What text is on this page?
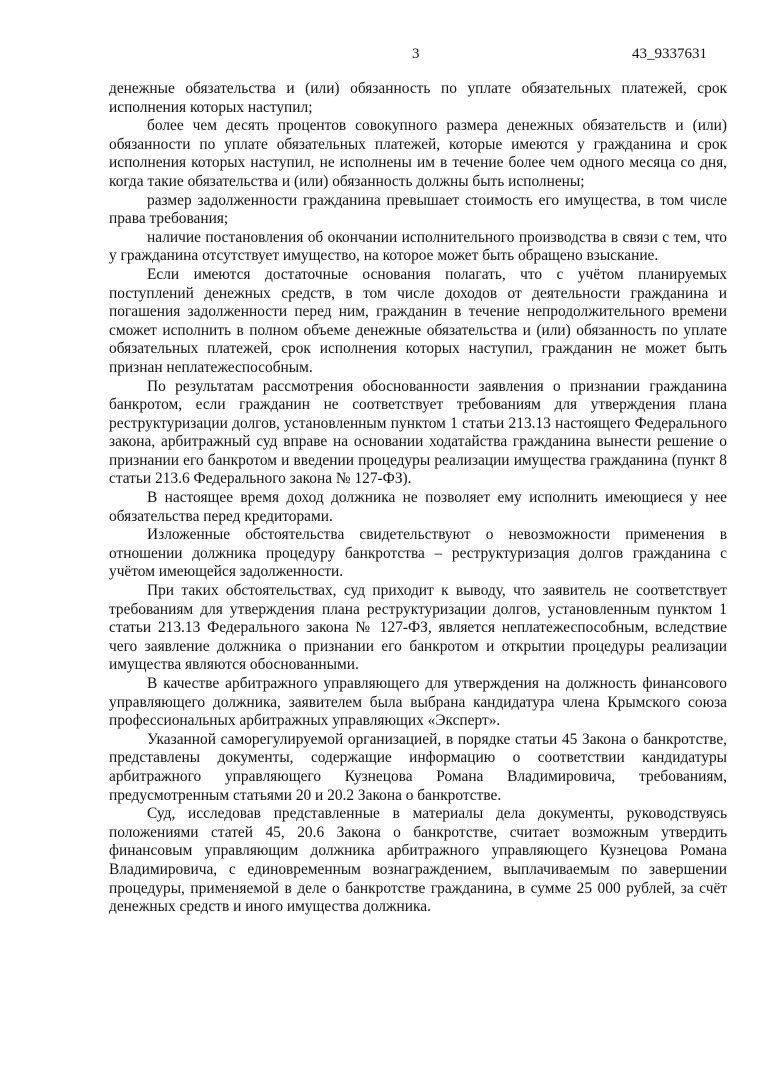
3	43_9337631

денежные обязательства и (или) обязанность по уплате обязательных платежей, срок исполнения которых наступил;

более чем десять процентов совокупного размера денежных обязательств и (или) обязанности по уплате обязательных платежей, которые имеются у гражданина и срок исполнения которых наступил, не исполнены им в течение более чем одного месяца со дня, когда такие обязательства и (или) обязанность должны быть исполнены;

размер задолженности гражданина превышает стоимость его имущества, в том числе права требования;

наличие постановления об окончании исполнительного производства в связи с тем, что у гражданина отсутствует имущество, на которое может быть обращено взыскание.

Если имеются достаточные основания полагать, что с учётом планируемых поступлений денежных средств, в том числе доходов от деятельности гражданина и погашения задолженности перед ним, гражданин в течение непродолжительного времени сможет исполнить в полном объеме денежные обязательства и (или) обязанность по уплате обязательных платежей, срок исполнения которых наступил, гражданин не может быть признан неплатежеспособным.

По результатам рассмотрения обоснованности заявления о признании гражданина банкротом, если гражданин не соответствует требованиям для утверждения плана реструктуризации долгов, установленным пунктом 1 статьи 213.13 настоящего Федерального закона, арбитражный суд вправе на основании ходатайства гражданина вынести решение о признании его банкротом и введении процедуры реализации имущества гражданина (пункт 8 статьи 213.6 Федерального закона № 127-ФЗ).

В настоящее время доход должника не позволяет ему исполнить имеющиеся у нее обязательства перед кредиторами.

Изложенные обстоятельства свидетельствуют о невозможности применения в отношении должника процедуру банкротства – реструктуризация долгов гражданина с учётом имеющейся задолженности.

При таких обстоятельствах, суд приходит к выводу, что заявитель не соответствует требованиям для утверждения плана реструктуризации долгов, установленным пунктом 1 статьи 213.13 Федерального закона № 127-ФЗ, является неплатежеспособным, вследствие чего заявление должника о признании его банкротом и открытии процедуры реализации имущества являются обоснованными.

В качестве арбитражного управляющего для утверждения на должность финансового управляющего должника, заявителем была выбрана кандидатура члена Крымского союза профессиональных арбитражных управляющих «Эксперт».

Указанной саморегулируемой организацией, в порядке статьи 45 Закона о банкротстве, представлены документы, содержащие информацию о соответствии кандидатуры арбитражного управляющего Кузнецова Романа Владимировича, требованиям, предусмотренным статьями 20 и 20.2 Закона о банкротстве.

Суд, исследовав представленные в материалы дела документы, руководствуясь положениями статей 45, 20.6 Закона о банкротстве, считает возможным утвердить финансовым управляющим должника арбитражного управляющего Кузнецова Романа Владимировича, с единовременным вознаграждением, выплачиваемым по завершении процедуры, применяемой в деле о банкротстве гражданина, в сумме 25 000 рублей, за счёт денежных средств и иного имущества должника.
